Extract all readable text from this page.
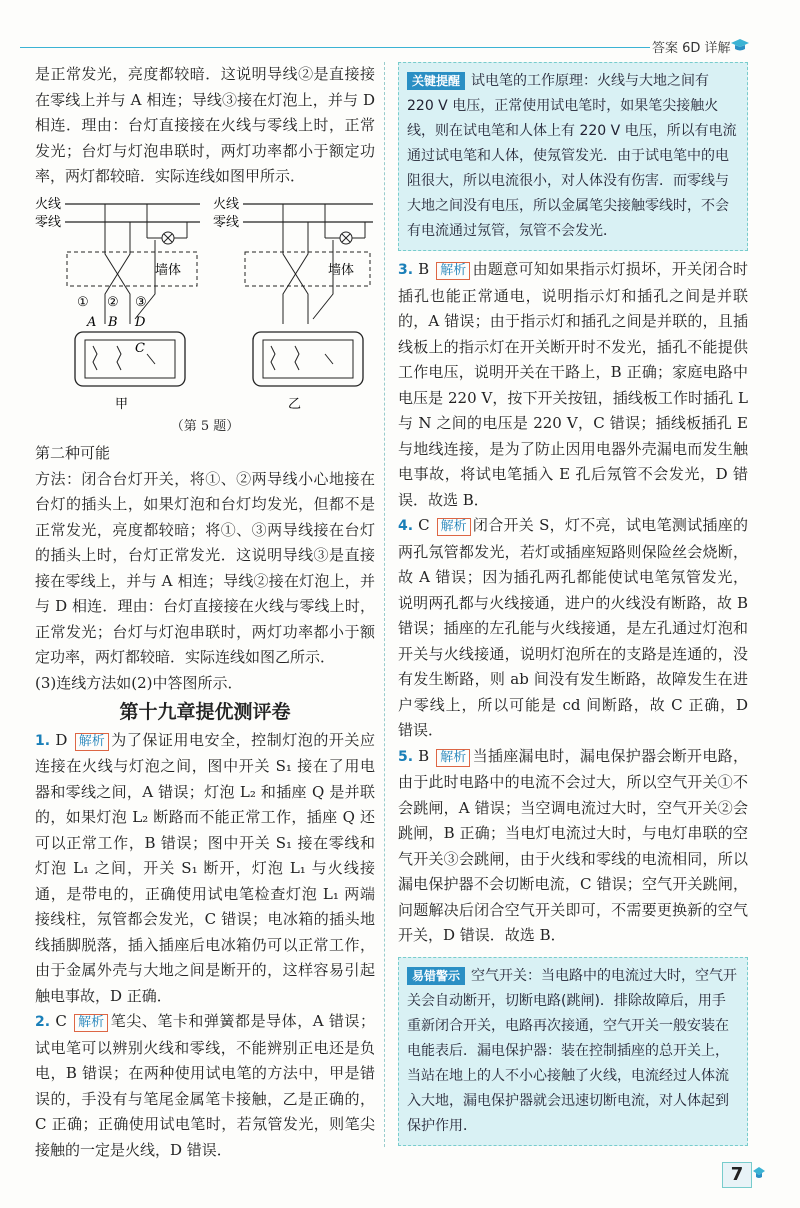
答案 6D 详解

是正常发光，亮度都较暗．这说明导线②是直接接在零线上并与 A 相连；导线③接在灯泡上，并与 D 相连．理由：台灯直接接在火线与零线上时，正常发光；台灯与灯泡串联时，两灯功率都小于额定功率，两灯都较暗．实际连线如图甲所示．

火线
零线
墙体
① ② ③
A B D
C
甲
火线
零线
墙体
乙
（第 5 题）

第二种可能

方法：闭合台灯开关，将①、②两导线小心地接在台灯的插头上，如果灯泡和台灯均发光，但都不是正常发光，亮度都较暗；将①、③两导线接在台灯的插头上时，台灯正常发光．这说明导线③是直接接在零线上，并与 A 相连；导线②接在灯泡上，并与 D 相连．理由：台灯直接接在火线与零线上时，正常发光；台灯与灯泡串联时，两灯功率都小于额定功率，两灯都较暗．实际连线如图乙所示．

(3)连线方法如(2)中答图所示．

第十九章提优测评卷

1. D 解析 为了保证用电安全，控制灯泡的开关应连接在火线与灯泡之间，图中开关 S₁ 接在了用电器和零线之间，A 错误；灯泡 L₂ 和插座 Q 是并联的，如果灯泡 L₂ 断路而不能正常工作，插座 Q 还可以正常工作，B 错误；图中开关 S₁ 接在零线和灯泡 L₁ 之间，开关 S₁ 断开，灯泡 L₁ 与火线接通，是带电的，正确使用试电笔检查灯泡 L₁ 两端接线柱，氖管都会发光，C 错误；电冰箱的插头地线插脚脱落，插入插座后电冰箱仍可以正常工作，由于金属外壳与大地之间是断开的，这样容易引起触电事故，D 正确．

2. C 解析 笔尖、笔卡和弹簧都是导体，A 错误；试电笔可以辨别火线和零线，不能辨别正电还是负电，B 错误；在两种使用试电笔的方法中，甲是错误的，手没有与笔尾金属笔卡接触，乙是正确的，C 正确；正确使用试电笔时，若氖管发光，则笔尖接触的一定是火线，D 错误．

关键提醒 试电笔的工作原理：火线与大地之间有 220 V 电压，正常使用试电笔时，如果笔尖接触火线，则在试电笔和人体上有 220 V 电压，所以有电流通过试电笔和人体，使氖管发光．由于试电笔中的电阻很大，所以电流很小，对人体没有伤害．而零线与大地之间没有电压，所以金属笔尖接触零线时，不会有电流通过氖管，氖管不会发光．

3. B 解析 由题意可知如果指示灯损坏，开关闭合时插孔也能正常通电，说明指示灯和插孔之间是并联的，A 错误；由于指示灯和插孔之间是并联的，且插线板上的指示灯在开关断开时不发光，插孔不能提供工作电压，说明开关在干路上，B 正确；家庭电路中电压是 220 V，按下开关按钮，插线板工作时插孔 L 与 N 之间的电压是 220 V，C 错误；插线板插孔 E 与地线连接，是为了防止因用电器外壳漏电而发生触电事故，将试电笔插入 E 孔后氖管不会发光，D 错误．故选 B．

4. C 解析 闭合开关 S，灯不亮，试电笔测试插座的两孔氖管都发光，若灯或插座短路则保险丝会烧断，故 A 错误；因为插孔两孔都能使试电笔氖管发光，说明两孔都与火线接通，进户的火线没有断路，故 B 错误；插座的左孔能与火线接通，是左孔通过灯泡和开关与火线接通，说明灯泡所在的支路是连通的，没有发生断路，则 ab 间没有发生断路，故障发生在进户零线上，所以可能是 cd 间断路，故 C 正确，D 错误．

5. B 解析 当插座漏电时，漏电保护器会断开电路，由于此时电路中的电流不会过大，所以空气开关①不会跳闸，A 错误；当空调电流过大时，空气开关②会跳闸，B 正确；当电灯电流过大时，与电灯串联的空气开关③会跳闸，由于火线和零线的电流相同，所以漏电保护器不会切断电流，C 错误；空气开关跳闸，问题解决后闭合空气开关即可，不需要更换新的空气开关，D 错误．故选 B．

易错警示 空气开关：当电路中的电流过大时，空气开关会自动断开，切断电路(跳闸)．排除故障后，用手重新闭合开关，电路再次接通，空气开关一般安装在电能表后．漏电保护器：装在控制插座的总开关上，当站在地上的人不小心接触了火线，电流经过人体流入大地，漏电保护器就会迅速切断电流，对人体起到保护作用．
7
